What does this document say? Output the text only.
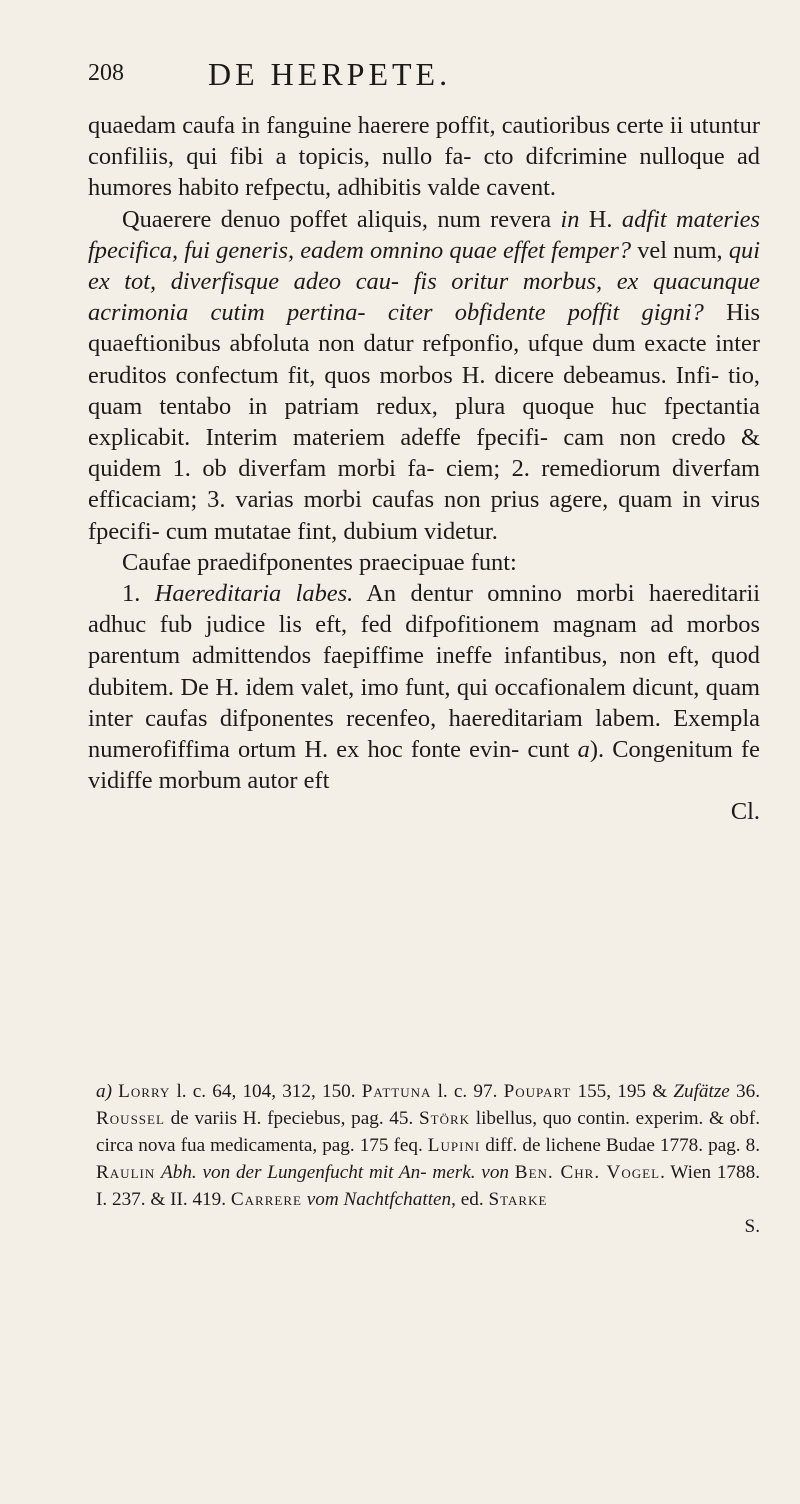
208	DE HERPETE.

quaedam caufa in fanguine haerere poffit, cautioribus certe ii utuntur confiliis, qui fibi a topicis, nullo fa- cto difcrimine nulloque ad humores habito refpectu, adhibitis valde cavent.

Quaerere denuo poffet aliquis, num revera in H. adfit materies fpecifica, fui generis, eadem omnino quae effet femper? vel num, qui ex tot, diverfisque adeo cau- fis oritur morbus, ex quacunque acrimonia cutim pertina- citer obfidente poffit gigni? His quaeftionibus abfoluta non datur refponfio, ufque dum exacte inter eruditos confectum fit, quos morbos H. dicere debeamus. Infi- tio, quam tentabo in patriam redux, plura quoque huc fpectantia explicabit. Interim materiem adeffe fpecifi- cam non credo & quidem 1. ob diverfam morbi fa- ciem; 2. remediorum diverfam efficaciam; 3. varias morbi caufas non prius agere, quam in virus fpecifi- cum mutatae fint, dubium videtur.

Caufae praedifponentes praecipuae funt:

1. Haereditaria labes. An dentur omnino morbi haereditarii adhuc fub judice lis eft, fed difpofitionem magnam ad morbos parentum admittendos faepiffime ineffe infantibus, non eft, quod dubitem. De H. idem valet, imo funt, qui occafionalem dicunt, quam inter caufas difponentes recenfeo, haereditariam labem. Exempla numerofiffima ortum H. ex hoc fonte evin- cunt a). Congenitum fe vidiffe morbum autor eft

Cl.

a) Lorry l. c. 64, 104, 312, 150. Pattuna l. c. 97. Poupart 155, 195 & Zufätze 36. Roussel de variis H. fpeciebus, pag. 45. Störk libellus, quo contin. experim. & obf. circa nova fua medicamenta, pag. 175 feq. Lupini diff. de lichene Budae 1778. pag. 8. Raulin Abh. von der Lungenfucht mit An- merk. von Ben. Chr. Vogel. Wien 1788. I. 237. & II. 419. Carrere vom Nachtfchatten, ed. Starke

S.
